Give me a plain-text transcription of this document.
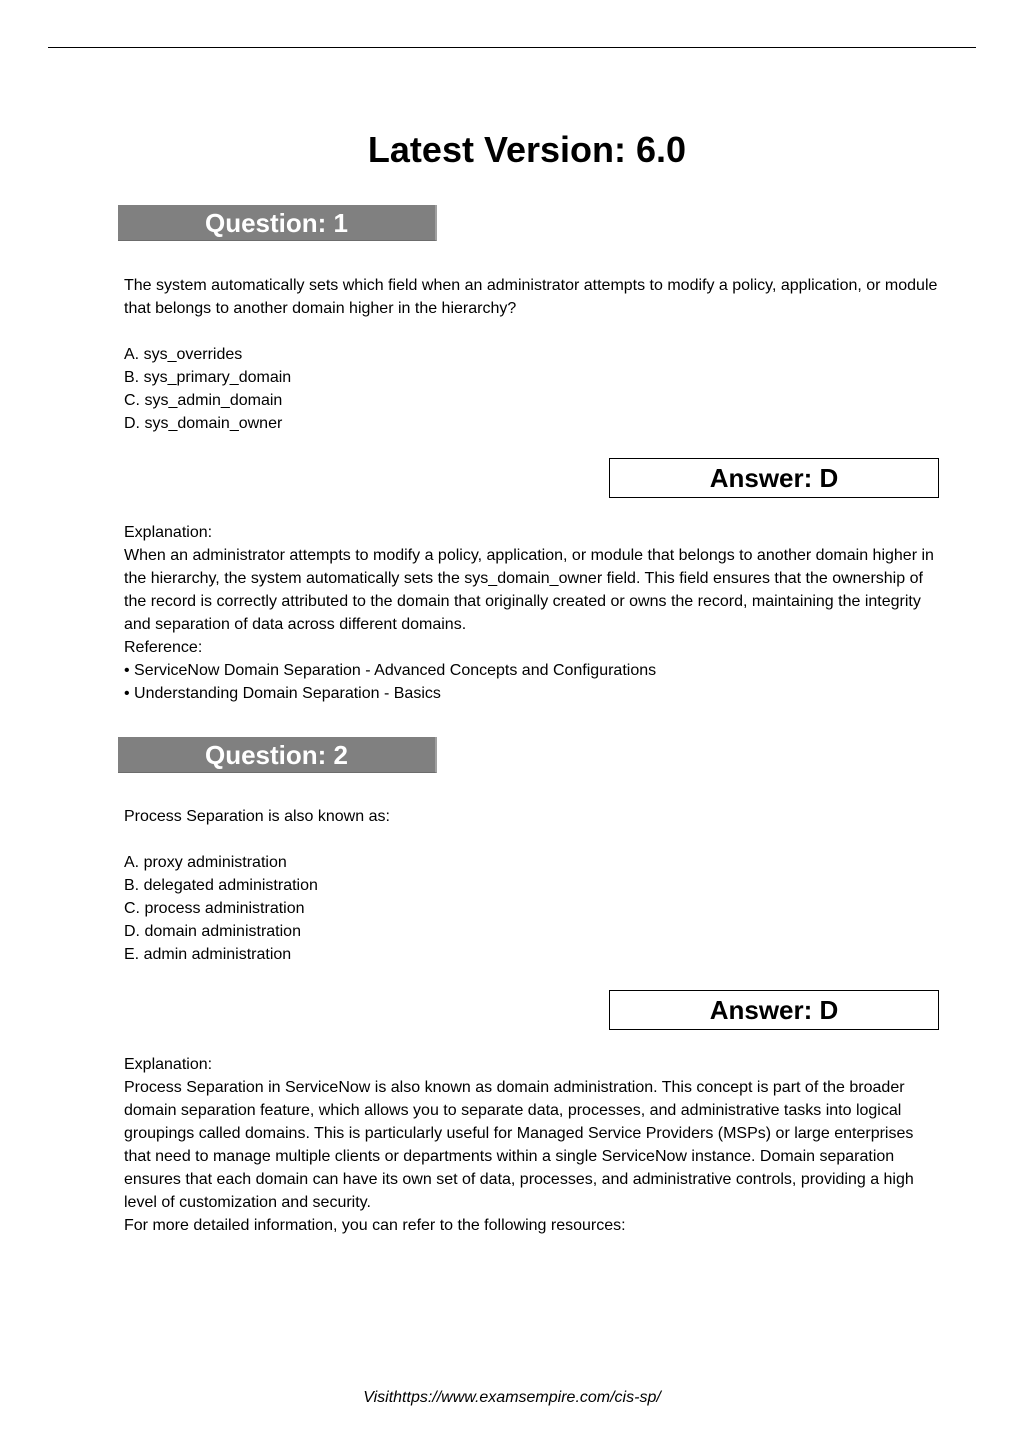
Latest Version: 6.0
Question: 1

The system automatically sets which field when an administrator attempts to modify a policy, application, or module that belongs to another domain higher in the hierarchy?

A. sys_overrides
B. sys_primary_domain
C. sys_admin_domain
D. sys_domain_owner
Answer: D

Explanation:

When an administrator attempts to modify a policy, application, or module that belongs to another domain higher in the hierarchy, the system automatically sets the sys_domain_owner field. This field ensures that the ownership of the record is correctly attributed to the domain that originally created or owns the record, maintaining the integrity and separation of data across different domains.

Reference:

• ServiceNow Domain Separation - Advanced Concepts and Configurations

• Understanding Domain Separation - Basics

Question: 2

Process Separation is also known as:

A. proxy administration
B. delegated administration
C. process administration
D. domain administration
E. admin administration
Answer: D

Explanation:

Process Separation in ServiceNow is also known as domain administration. This concept is part of the broader domain separation feature, which allows you to separate data, processes, and administrative tasks into logical groupings called domains. This is particularly useful for Managed Service Providers (MSPs) or large enterprises that need to manage multiple clients or departments within a single ServiceNow instance. Domain separation ensures that each domain can have its own set of data, processes, and administrative controls, providing a high level of customization and security.

For more detailed information, you can refer to the following resources:

Visithttps://www.examsempire.com/cis-sp/
